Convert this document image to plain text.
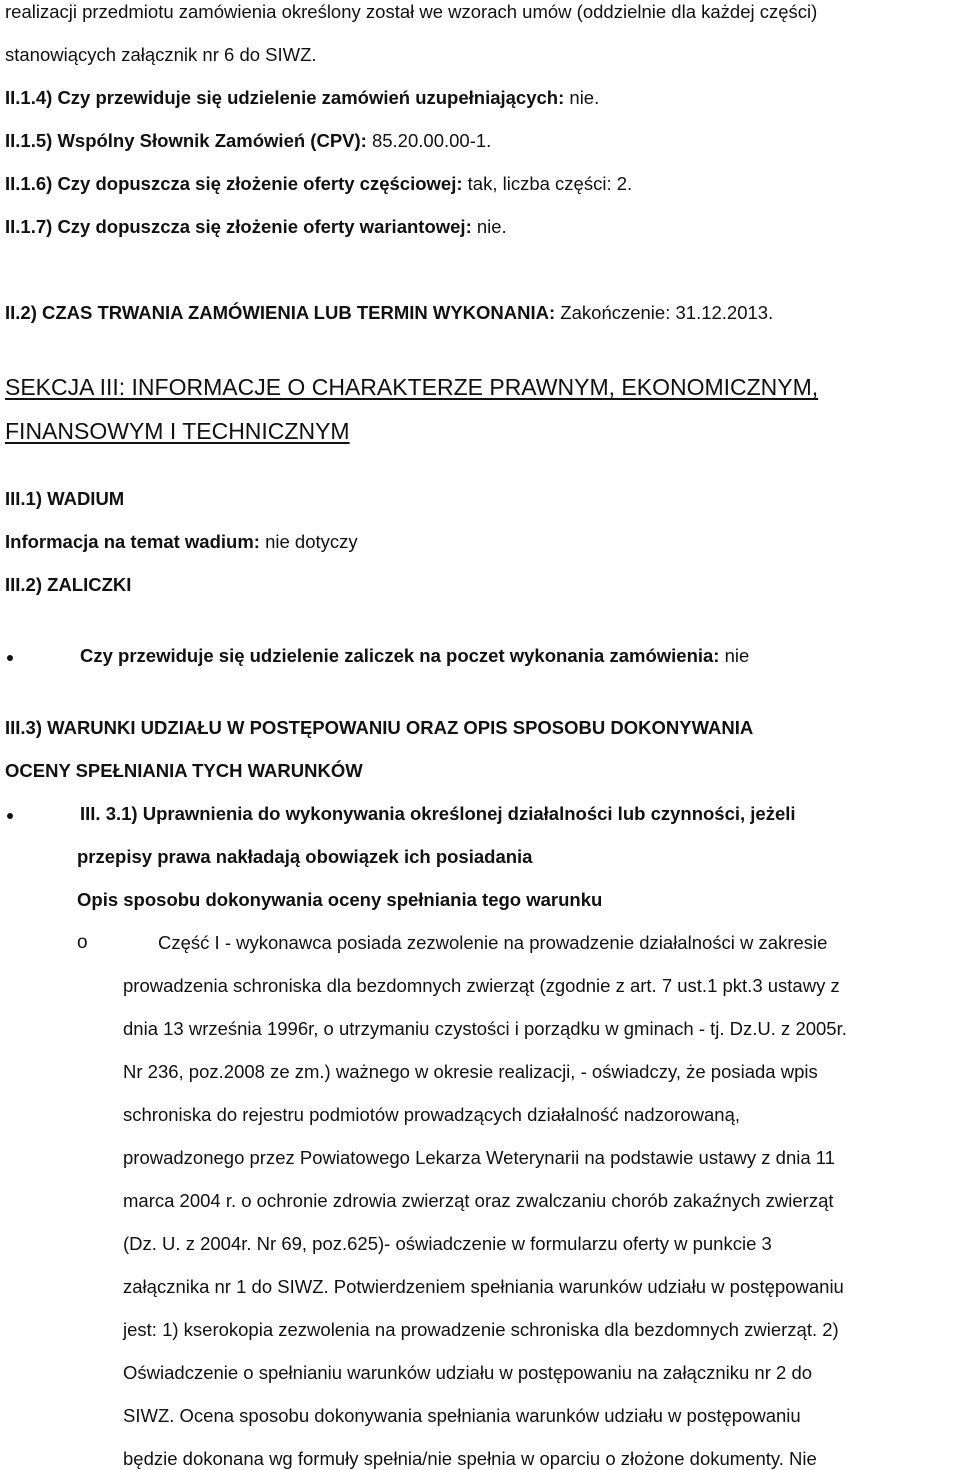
realizacji przedmiotu zamówienia określony został we wzorach umów (oddzielnie dla każdej części)
stanowiących załącznik nr 6 do SIWZ.
II.1.4) Czy przewiduje się udzielenie zamówień uzupełniających: nie.
II.1.5) Wspólny Słownik Zamówień (CPV): 85.20.00.00-1.
II.1.6) Czy dopuszcza się złożenie oferty częściowej: tak, liczba części: 2.
II.1.7) Czy dopuszcza się złożenie oferty wariantowej: nie.
II.2) CZAS TRWANIA ZAMÓWIENIA LUB TERMIN WYKONANIA: Zakończenie: 31.12.2013.
SEKCJA III: INFORMACJE O CHARAKTERZE PRAWNYM, EKONOMICZNYM,
FINANSOWYM I TECHNICZNYM
III.1) WADIUM
Informacja na temat wadium: nie dotyczy
III.2) ZALICZKI
Czy przewiduje się udzielenie zaliczek na poczet wykonania zamówienia: nie
III.3) WARUNKI UDZIAŁU W POSTĘPOWANIU ORAZ OPIS SPOSOBU DOKONYWANIA
OCENY SPEŁNIANIA TYCH WARUNKÓW
III. 3.1) Uprawnienia do wykonywania określonej działalności lub czynności, jeżeli
przepisy prawa nakładają obowiązek ich posiadania
Opis sposobu dokonywania oceny spełniania tego warunku
o	Część I - wykonawca posiada zezwolenie na prowadzenie działalności w zakresie
prowadzenia schroniska dla bezdomnych zwierząt (zgodnie z art. 7 ust.1 pkt.3 ustawy z
dnia 13 września 1996r, o utrzymaniu czystości i porządku w gminach - tj. Dz.U. z 2005r.
Nr 236, poz.2008 ze zm.) ważnego w okresie realizacji, - oświadczy, że posiada wpis
schroniska do rejestru podmiotów prowadzących działalność nadzorowaną,
prowadzonego przez Powiatowego Lekarza Weterynarii na podstawie ustawy z dnia 11
marca 2004 r. o ochronie zdrowia zwierząt oraz zwalczaniu chorób zakaźnych zwierząt
(Dz. U. z 2004r. Nr 69, poz.625)- oświadczenie w formularzu oferty w punkcie 3
załącznika nr 1 do SIWZ. Potwierdzeniem spełniania warunków udziału w postępowaniu
jest: 1) kserokopia zezwolenia na prowadzenie schroniska dla bezdomnych zwierząt. 2)
Oświadczenie o spełnianiu warunków udziału w postępowaniu na załączniku nr 2 do
SIWZ. Ocena sposobu dokonywania spełniania warunków udziału w postępowaniu
będzie dokonana wg formuły spełnia/nie spełnia w oparciu o złożone dokumenty. Nie
